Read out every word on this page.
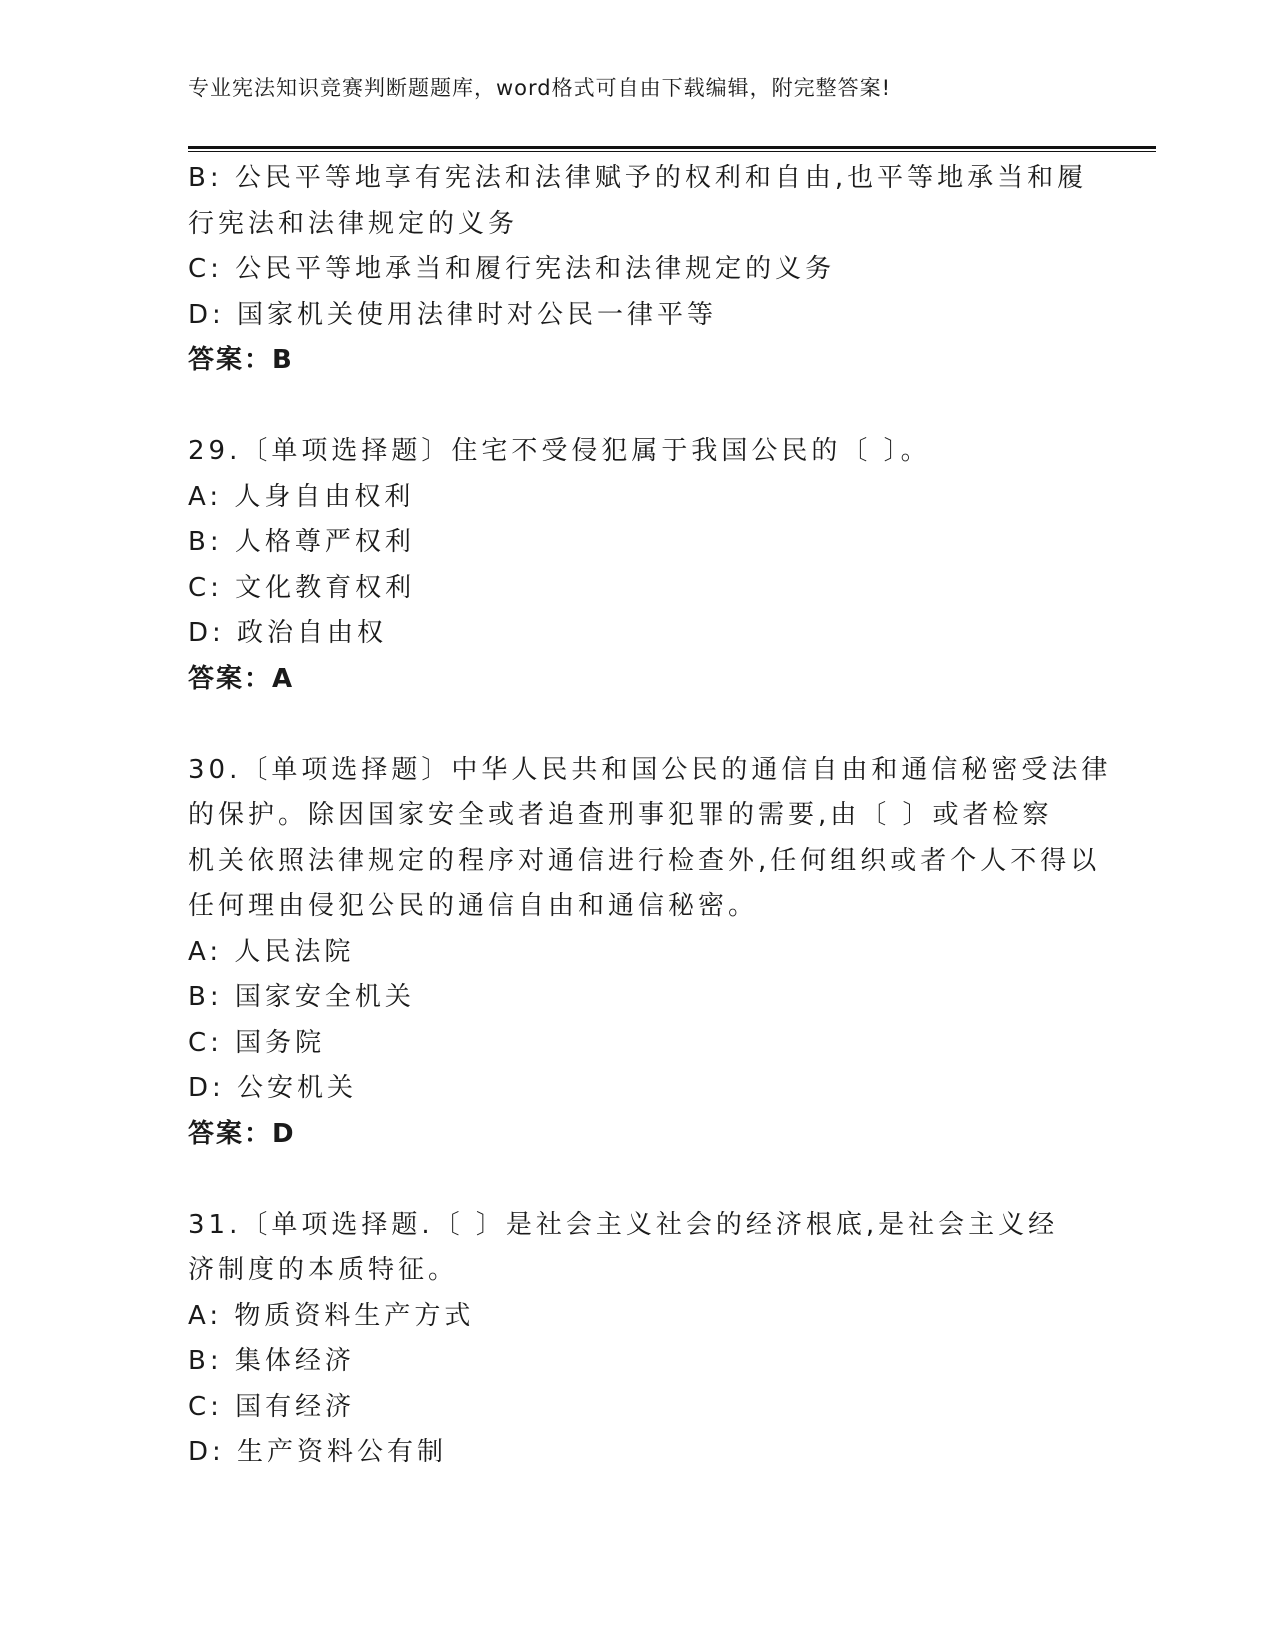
专业宪法知识竞赛判断题题库，word格式可自由下载编辑，附完整答案!
B: 公民平等地享有宪法和法律赋予的权利和自由,也平等地承当和履
行宪法和法律规定的义务
C: 公民平等地承当和履行宪法和法律规定的义务
D: 国家机关使用法律时对公民一律平等
答案：B
29.〔单项选择题〕住宅不受侵犯属于我国公民的〔 〕。
A: 人身自由权利
B: 人格尊严权利
C: 文化教育权利
D: 政治自由权
答案：A
30.〔单项选择题〕中华人民共和国公民的通信自由和通信秘密受法律
的保护。除因国家安全或者追查刑事犯罪的需要,由〔 〕或者检察
机关依照法律规定的程序对通信进行检查外,任何组织或者个人不得以
任何理由侵犯公民的通信自由和通信秘密。
A: 人民法院
B: 国家安全机关
C: 国务院
D: 公安机关
答案：D
31.〔单项选择题.〔 〕是社会主义社会的经济根底,是社会主义经
济制度的本质特征。
A: 物质资料生产方式
B: 集体经济
C: 国有经济
D: 生产资料公有制
